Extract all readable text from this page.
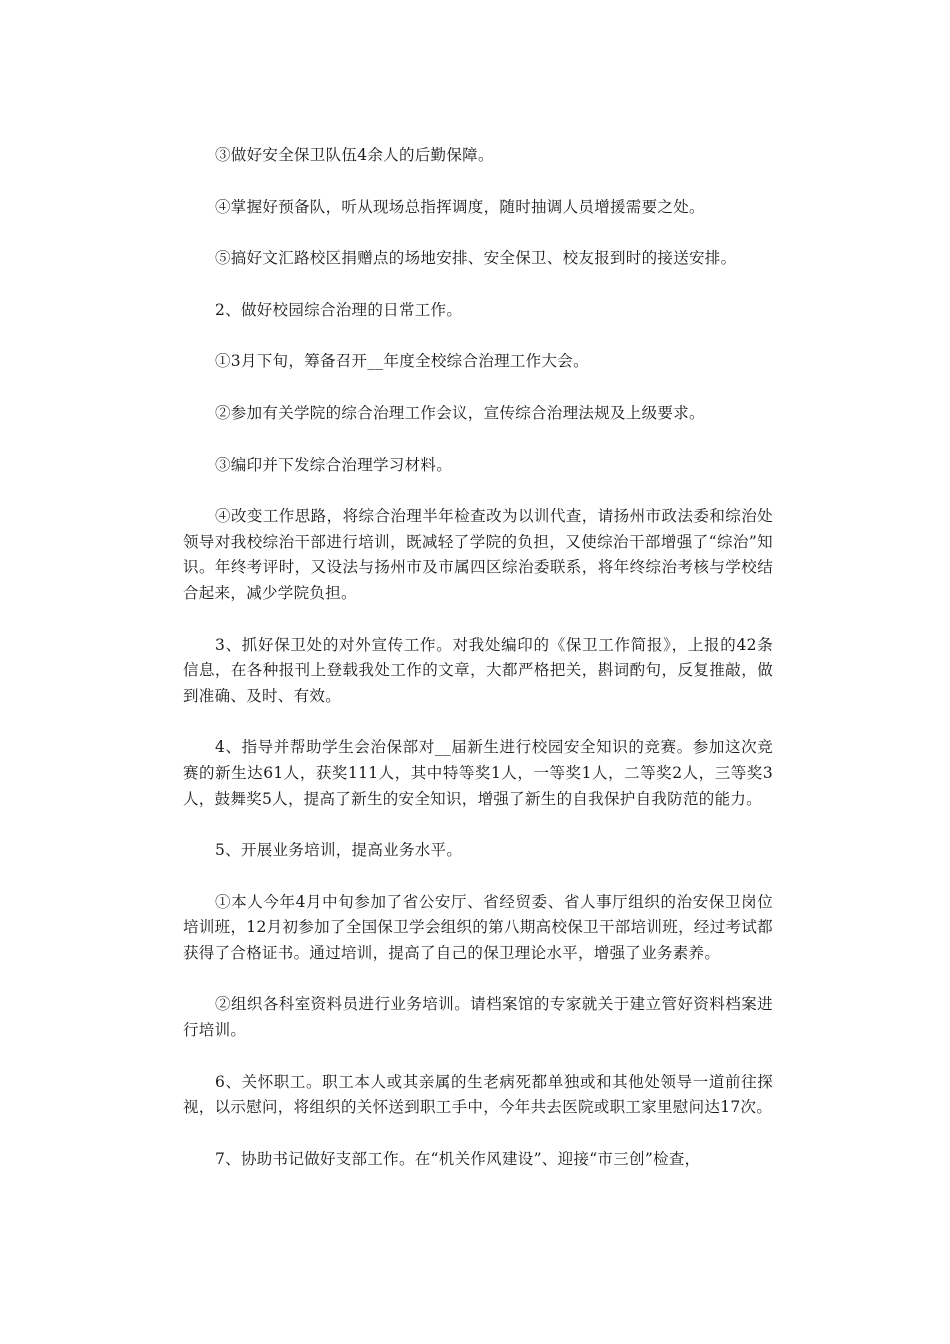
③做好安全保卫队伍4余人的后勤保障。

④掌握好预备队，听从现场总指挥调度，随时抽调人员增援需要之处。

⑤搞好文汇路校区捐赠点的场地安排、安全保卫、校友报到时的接送安排。

2、做好校园综合治理的日常工作。

①3月下旬，筹备召开__年度全校综合治理工作大会。

②参加有关学院的综合治理工作会议，宣传综合治理法规及上级要求。

③编印并下发综合治理学习材料。

④改变工作思路，将综合治理半年检查改为以训代查，请扬州市政法委和综治处领导对我校综治干部进行培训，既减轻了学院的负担，又使综治干部增强了“综治”知识。年终考评时，又设法与扬州市及市属四区综治委联系，将年终综治考核与学校结合起来，减少学院负担。

3、抓好保卫处的对外宣传工作。对我处编印的《保卫工作简报》，上报的42条信息，在各种报刊上登载我处工作的文章，大都严格把关，斟词酌句，反复推敲，做到准确、及时、有效。

4、指导并帮助学生会治保部对__届新生进行校园安全知识的竞赛。参加这次竞赛的新生达61人，获奖111人，其中特等奖1人，一等奖1人，二等奖2人，三等奖3人，鼓舞奖5人，提高了新生的安全知识，增强了新生的自我保护自我防范的能力。

5、开展业务培训，提高业务水平。

①本人今年4月中旬参加了省公安厅、省经贸委、省人事厅组织的治安保卫岗位培训班，12月初参加了全国保卫学会组织的第八期高校保卫干部培训班，经过考试都获得了合格证书。通过培训，提高了自己的保卫理论水平，增强了业务素养。

②组织各科室资料员进行业务培训。请档案馆的专家就关于建立管好资料档案进行培训。

6、关怀职工。职工本人或其亲属的生老病死都单独或和其他处领导一道前往探视，以示慰问，将组织的关怀送到职工手中，今年共去医院或职工家里慰问达17次。

7、协助书记做好支部工作。在“机关作风建设”、迎接“市三创”检查，
